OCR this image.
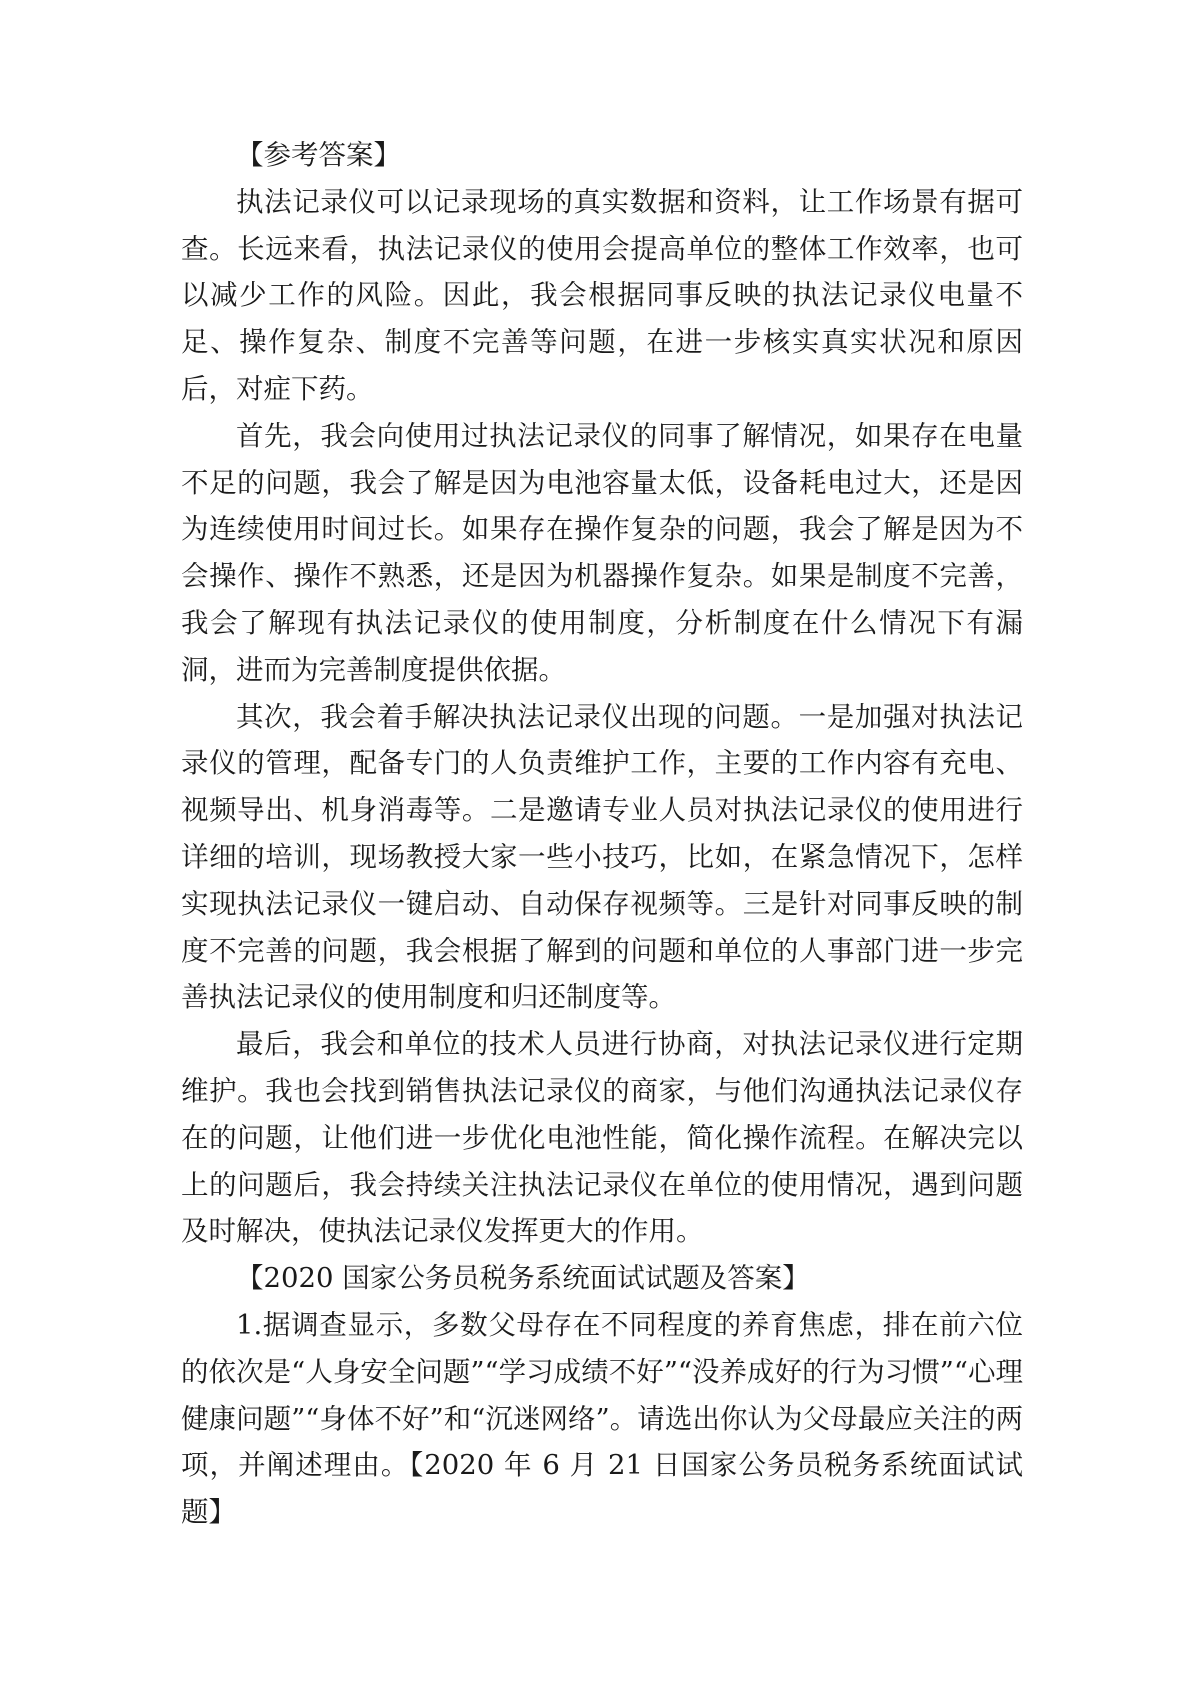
【参考答案】

执法记录仪可以记录现场的真实数据和资料，让工作场景有据可查。长远来看，执法记录仪的使用会提高单位的整体工作效率，也可以减少工作的风险。因此，我会根据同事反映的执法记录仪电量不足、操作复杂、制度不完善等问题，在进一步核实真实状况和原因后，对症下药。

首先，我会向使用过执法记录仪的同事了解情况，如果存在电量不足的问题，我会了解是因为电池容量太低，设备耗电过大，还是因为连续使用时间过长。如果存在操作复杂的问题，我会了解是因为不会操作、操作不熟悉，还是因为机器操作复杂。如果是制度不完善，我会了解现有执法记录仪的使用制度，分析制度在什么情况下有漏洞，进而为完善制度提供依据。

其次，我会着手解决执法记录仪出现的问题。一是加强对执法记录仪的管理，配备专门的人负责维护工作，主要的工作内容有充电、视频导出、机身消毒等。二是邀请专业人员对执法记录仪的使用进行详细的培训，现场教授大家一些小技巧，比如，在紧急情况下，怎样实现执法记录仪一键启动、自动保存视频等。三是针对同事反映的制度不完善的问题，我会根据了解到的问题和单位的人事部门进一步完善执法记录仪的使用制度和归还制度等。

最后，我会和单位的技术人员进行协商，对执法记录仪进行定期维护。我也会找到销售执法记录仪的商家，与他们沟通执法记录仪存在的问题，让他们进一步优化电池性能，简化操作流程。在解决完以上的问题后，我会持续关注执法记录仪在单位的使用情况，遇到问题及时解决，使执法记录仪发挥更大的作用。

【2020 国家公务员税务系统面试试题及答案】

1.据调查显示，多数父母存在不同程度的养育焦虑，排在前六位的依次是“人身安全问题”“学习成绩不好”“没养成好的行为习惯”“心理健康问题”“身体不好”和“沉迷网络”。请选出你认为父母最应关注的两项，并阐述理由。【2020 年 6 月 21 日国家公务员税务系统面试试题】
